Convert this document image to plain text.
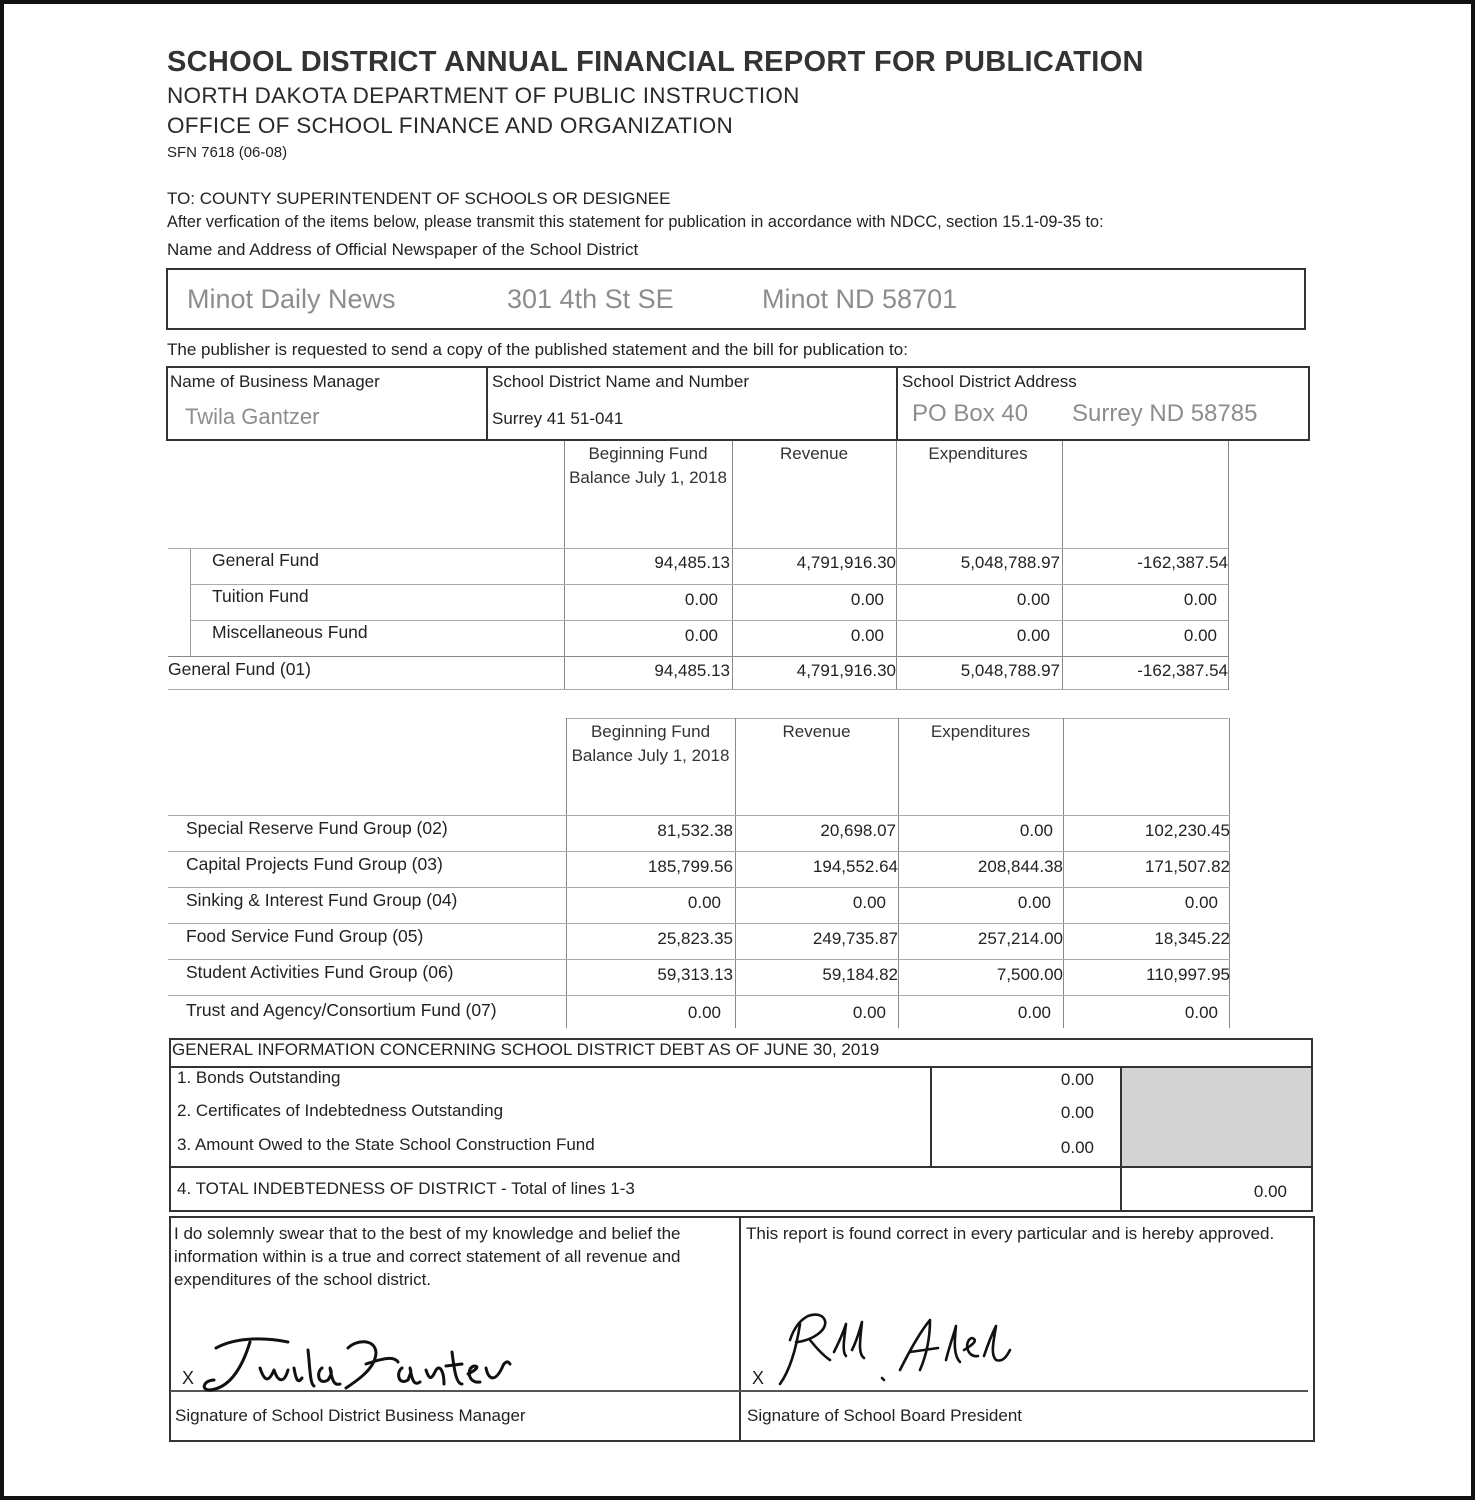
SCHOOL DISTRICT ANNUAL FINANCIAL REPORT FOR PUBLICATION
NORTH DAKOTA DEPARTMENT OF PUBLIC INSTRUCTION
OFFICE OF SCHOOL FINANCE AND ORGANIZATION
SFN 7618 (06-08)
TO: COUNTY SUPERINTENDENT OF SCHOOLS OR DESIGNEE
After verfication of the items below, please transmit this statement for publication in accordance with NDCC, section 15.1-09-35 to:
Name and Address of Official Newspaper of the School District
Minot Daily News	301 4th St SE	Minot ND 58701
The publisher is requested to send a copy of the published statement and the bill for publication to:
Name of Business Manager
Twila Gantzer
School District Name and Number
Surrey 41 51-041
School District Address
PO Box 40 Surrey ND 58785
Beginning Fund Balance July 1, 2018
Revenue	Expenditures
General Fund	94,485.13	4,791,916.30	5,048,788.97	-162,387.54
Tuition Fund	0.00	0.00	0.00	0.00
Miscellaneous Fund	0.00	0.00	0.00	0.00
General Fund (01)	94,485.13	4,791,916.30	5,048,788.97	-162,387.54
Beginning Fund Balance July 1, 2018
Revenue	Expenditures
Special Reserve Fund Group (02)	81,532.38	20,698.07	0.00	102,230.45
Capital Projects Fund Group (03)	185,799.56	194,552.64	208,844.38	171,507.82
Sinking & Interest Fund Group (04)	0.00	0.00	0.00	0.00
Food Service Fund Group (05)	25,823.35	249,735.87	257,214.00	18,345.22
Student Activities Fund Group (06)	59,313.13	59,184.82	7,500.00	110,997.95
Trust and Agency/Consortium Fund (07)	0.00	0.00	0.00	0.00
GENERAL INFORMATION CONCERNING SCHOOL DISTRICT DEBT AS OF JUNE 30, 2019
1. Bonds Outstanding	0.00
2. Certificates of Indebtedness Outstanding	0.00
3. Amount Owed to the State School Construction Fund	0.00
4. TOTAL INDEBTEDNESS OF DISTRICT - Total of lines 1-3	0.00
I do solemnly swear that to the best of my knowledge and belief the information within is a true and correct statement of all revenue and expenditures of the school district.
This report is found correct in every particular and is hereby approved.
X	X
Signature of School District Business Manager	Signature of School Board President
